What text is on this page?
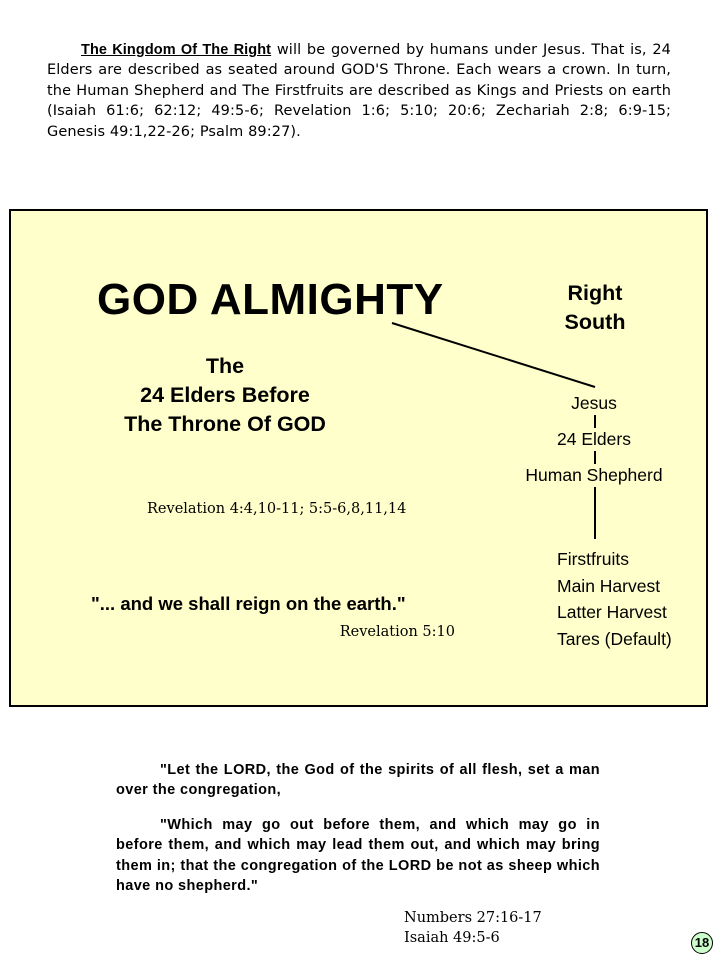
The Kingdom Of The Right will be governed by humans under Jesus. That is, 24 Elders are described as seated around GOD'S Throne. Each wears a crown. In turn, the Human Shepherd and The Firstfruits are described as Kings and Priests on earth (Isaiah 61:6; 62:12; 49:5-6; Revelation 1:6; 5:10; 20:6; Zechariah 2:8; 6:9-15; Genesis 49:1,22-26; Psalm 89:27).
GOD ALMIGHTY	Right
South
The
24 Elders Before
The Throne Of GOD
Revelation 4:4,10-11; 5:5-6,8,11,14
"... and we shall reign on the earth."
Revelation 5:10
Jesus
24 Elders
Human Shepherd
Firstfruits
Main Harvest
Latter Harvest
Tares (Default)

"Let the LORD, the God of the spirits of all flesh, set a man over the congregation,

"Which may go out before them, and which may go in before them, and which may lead them out, and which may bring them in; that the congregation of the LORD be not as sheep which have no shepherd."

Numbers 27:16-17
Isaiah 49:5-6	18
